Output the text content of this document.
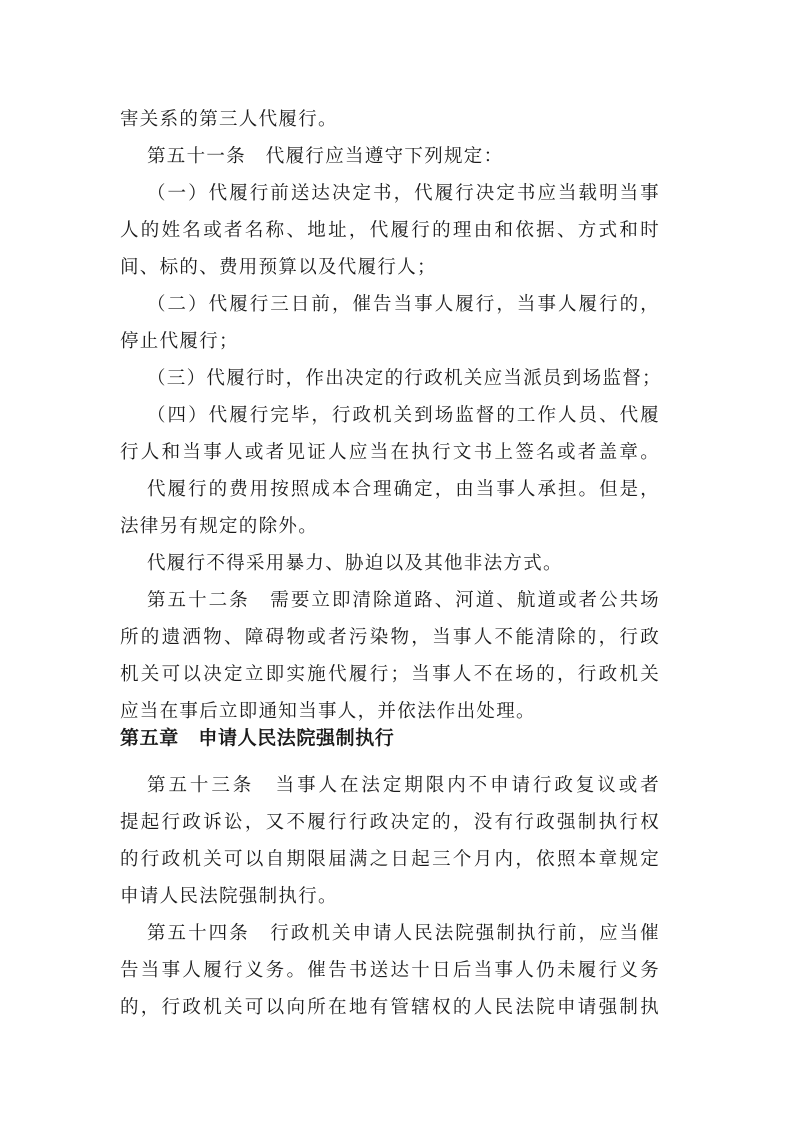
害关系的第三人代履行。
第五十一条　代履行应当遵守下列规定：
（一）代履行前送达决定书，代履行决定书应当载明当事
人的姓名或者名称、地址，代履行的理由和依据、方式和时
间、标的、费用预算以及代履行人；
（二）代履行三日前，催告当事人履行，当事人履行的，
停止代履行；
（三）代履行时，作出决定的行政机关应当派员到场监督；
（四）代履行完毕，行政机关到场监督的工作人员、代履
行人和当事人或者见证人应当在执行文书上签名或者盖章。
代履行的费用按照成本合理确定，由当事人承担。但是，
法律另有规定的除外。
代履行不得采用暴力、胁迫以及其他非法方式。
第五十二条　需要立即清除道路、河道、航道或者公共场
所的遗洒物、障碍物或者污染物，当事人不能清除的，行政
机关可以决定立即实施代履行；当事人不在场的，行政机关
应当在事后立即通知当事人，并依法作出处理。
第五章　申请人民法院强制执行
第五十三条　当事人在法定期限内不申请行政复议或者
提起行政诉讼，又不履行行政决定的，没有行政强制执行权
的行政机关可以自期限届满之日起三个月内，依照本章规定
申请人民法院强制执行。
第五十四条　行政机关申请人民法院强制执行前，应当催
告当事人履行义务。催告书送达十日后当事人仍未履行义务
的，行政机关可以向所在地有管辖权的人民法院申请强制执
